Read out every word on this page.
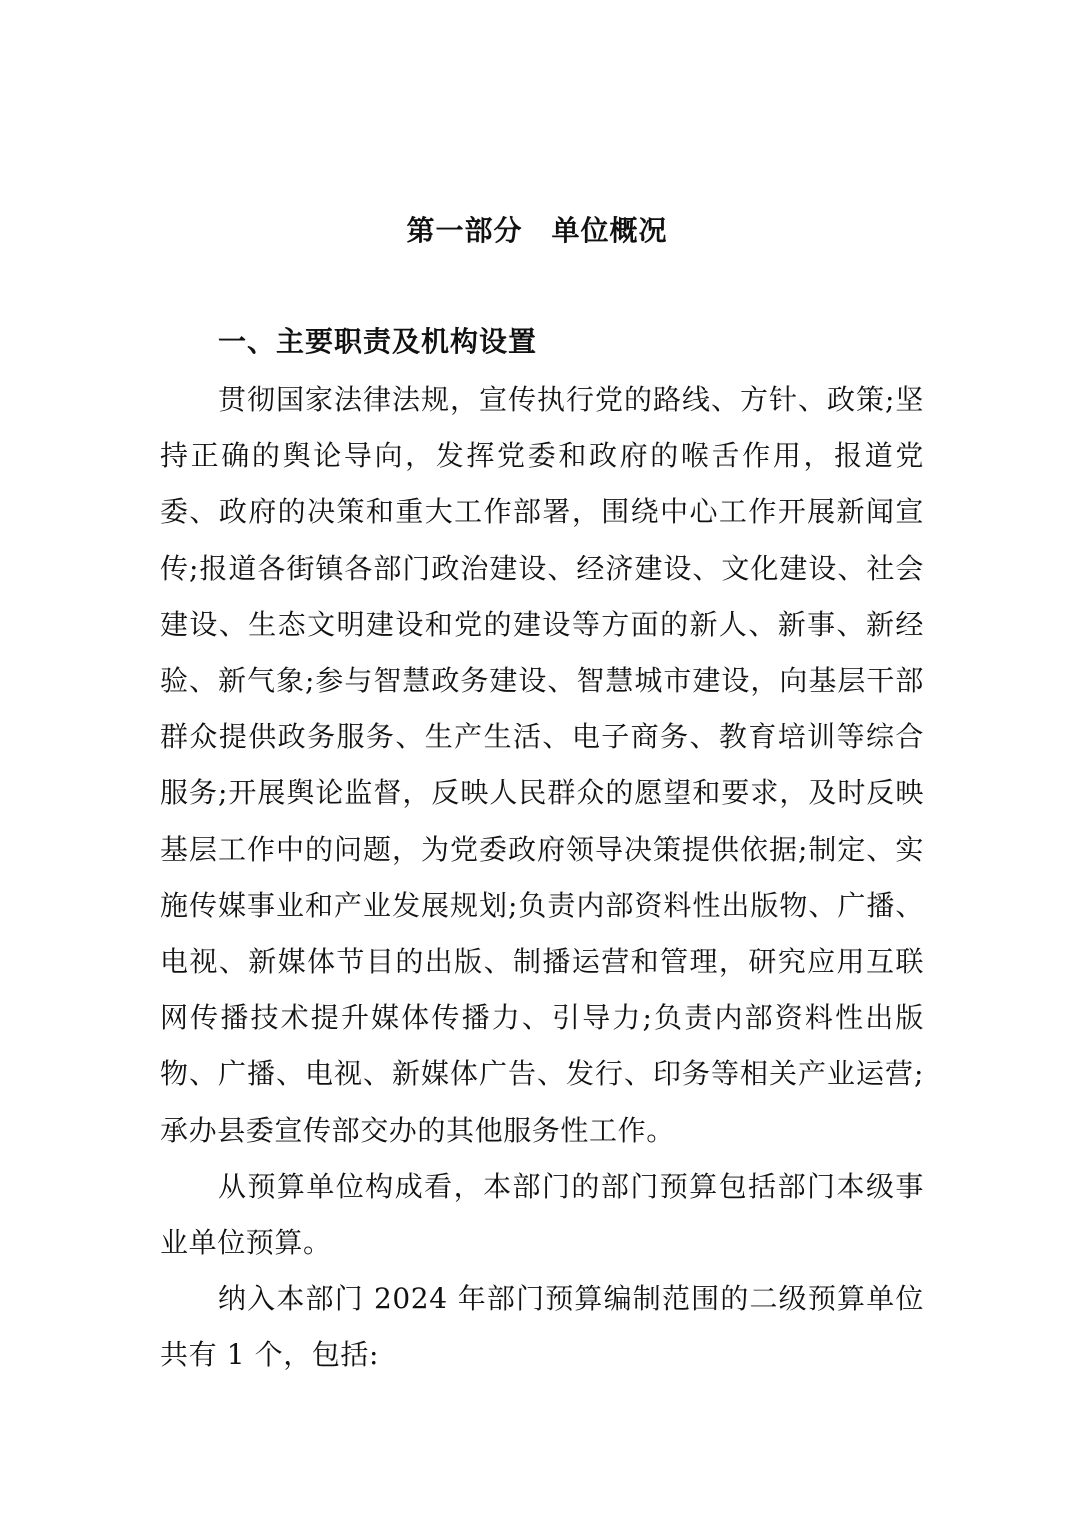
第一部分　单位概况
一、主要职责及机构设置

贯彻国家法律法规，宣传执行党的路线、方针、政策;坚持正确的舆论导向，发挥党委和政府的喉舌作用，报道党委、政府的决策和重大工作部署，围绕中心工作开展新闻宣传;报道各街镇各部门政治建设、经济建设、文化建设、社会建设、生态文明建设和党的建设等方面的新人、新事、新经验、新气象;参与智慧政务建设、智慧城市建设，向基层干部群众提供政务服务、生产生活、电子商务、教育培训等综合服务;开展舆论监督，反映人民群众的愿望和要求，及时反映基层工作中的问题，为党委政府领导决策提供依据;制定、实施传媒事业和产业发展规划;负责内部资料性出版物、广播、电视、新媒体节目的出版、制播运营和管理，研究应用互联网传播技术提升媒体传播力、引导力;负责内部资料性出版物、广播、电视、新媒体广告、发行、印务等相关产业运营;承办县委宣传部交办的其他服务性工作。

从预算单位构成看，本部门的部门预算包括部门本级事业单位预算。

纳入本部门 2024 年部门预算编制范围的二级预算单位共有 1 个，包括:
